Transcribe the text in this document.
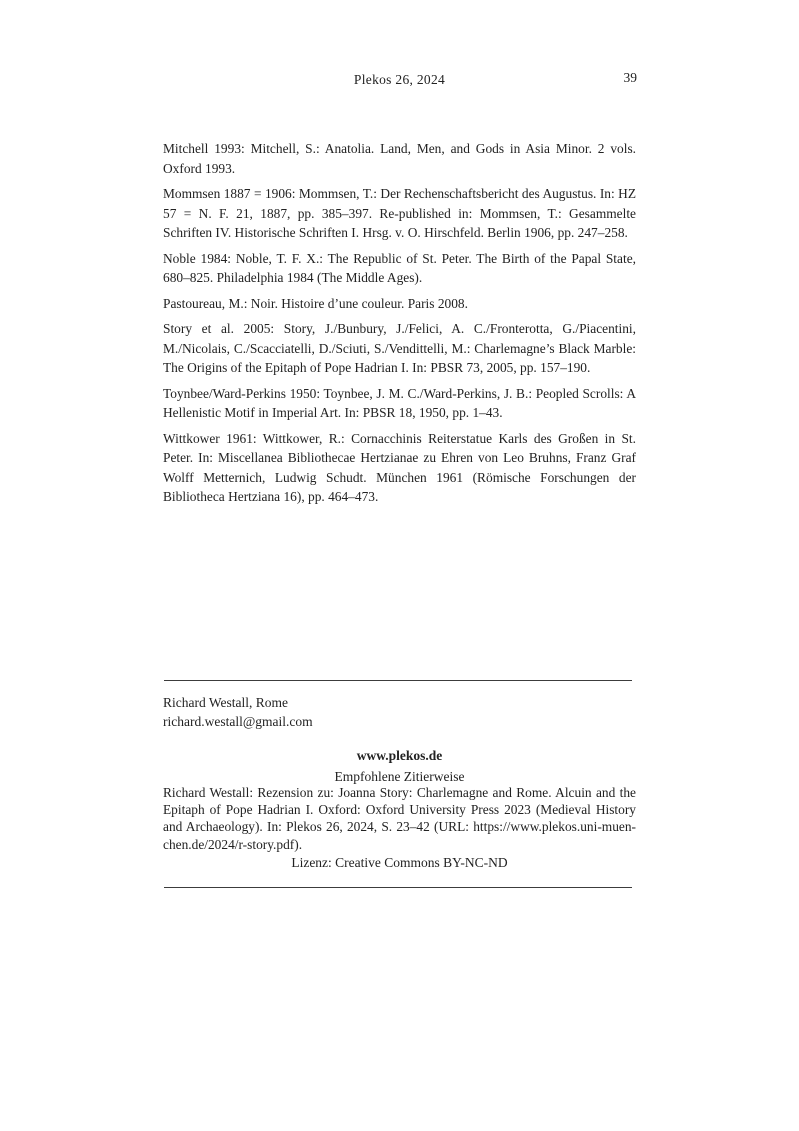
Plekos 26, 2024	39

Mitchell 1993: Mitchell, S.: Anatolia. Land, Men, and Gods in Asia Minor. 2 vols. Oxford 1993.

Mommsen 1887 = 1906: Mommsen, T.: Der Rechenschaftsbericht des Augustus. In: HZ 57 = N. F. 21, 1887, pp. 385–397. Re-published in: Mommsen, T.: Gesammelte Schriften IV. Historische Schriften I. Hrsg. v. O. Hirschfeld. Berlin 1906, pp. 247–258.

Noble 1984: Noble, T. F. X.: The Republic of St. Peter. The Birth of the Papal State, 680–825. Philadelphia 1984 (The Middle Ages).

Pastoureau, M.: Noir. Histoire d’une couleur. Paris 2008.

Story et al. 2005: Story, J./Bunbury, J./Felici, A. C./Fronterotta, G./Piacentini, M./Nicolais, C./Scacciatelli, D./Sciuti, S./Vendittelli, M.: Charlemagne’s Black Marble: The Origins of the Epitaph of Pope Hadrian I. In: PBSR 73, 2005, pp. 157–190.

Toynbee/Ward-Perkins 1950: Toynbee, J. M. C./Ward-Perkins, J. B.: Peopled Scrolls: A Hellenistic Motif in Imperial Art. In: PBSR 18, 1950, pp. 1–43.

Wittkower 1961: Wittkower, R.: Cornacchinis Reiterstatue Karls des Großen in St. Peter. In: Miscellanea Bibliothecae Hertzianae zu Ehren von Leo Bruhns, Franz Graf Wolff Metternich, Ludwig Schudt. München 1961 (Römische Forschungen der Bibliotheca Hertziana 16), pp. 464–473.

Richard Westall, Rome
richard.westall@gmail.com
www.plekos.de
Empfohlene Zitierweise

Richard Westall: Rezension zu: Joanna Story: Charlemagne and Rome. Alcuin and the Epitaph of Pope Hadrian I. Oxford: Oxford University Press 2023 (Medieval History and Archaeology). In: Plekos 26, 2024, S. 23–42 (URL: https://www.plekos.uni-muenchen.de/2024/r-story.pdf).

Lizenz: Creative Commons BY-NC-ND
